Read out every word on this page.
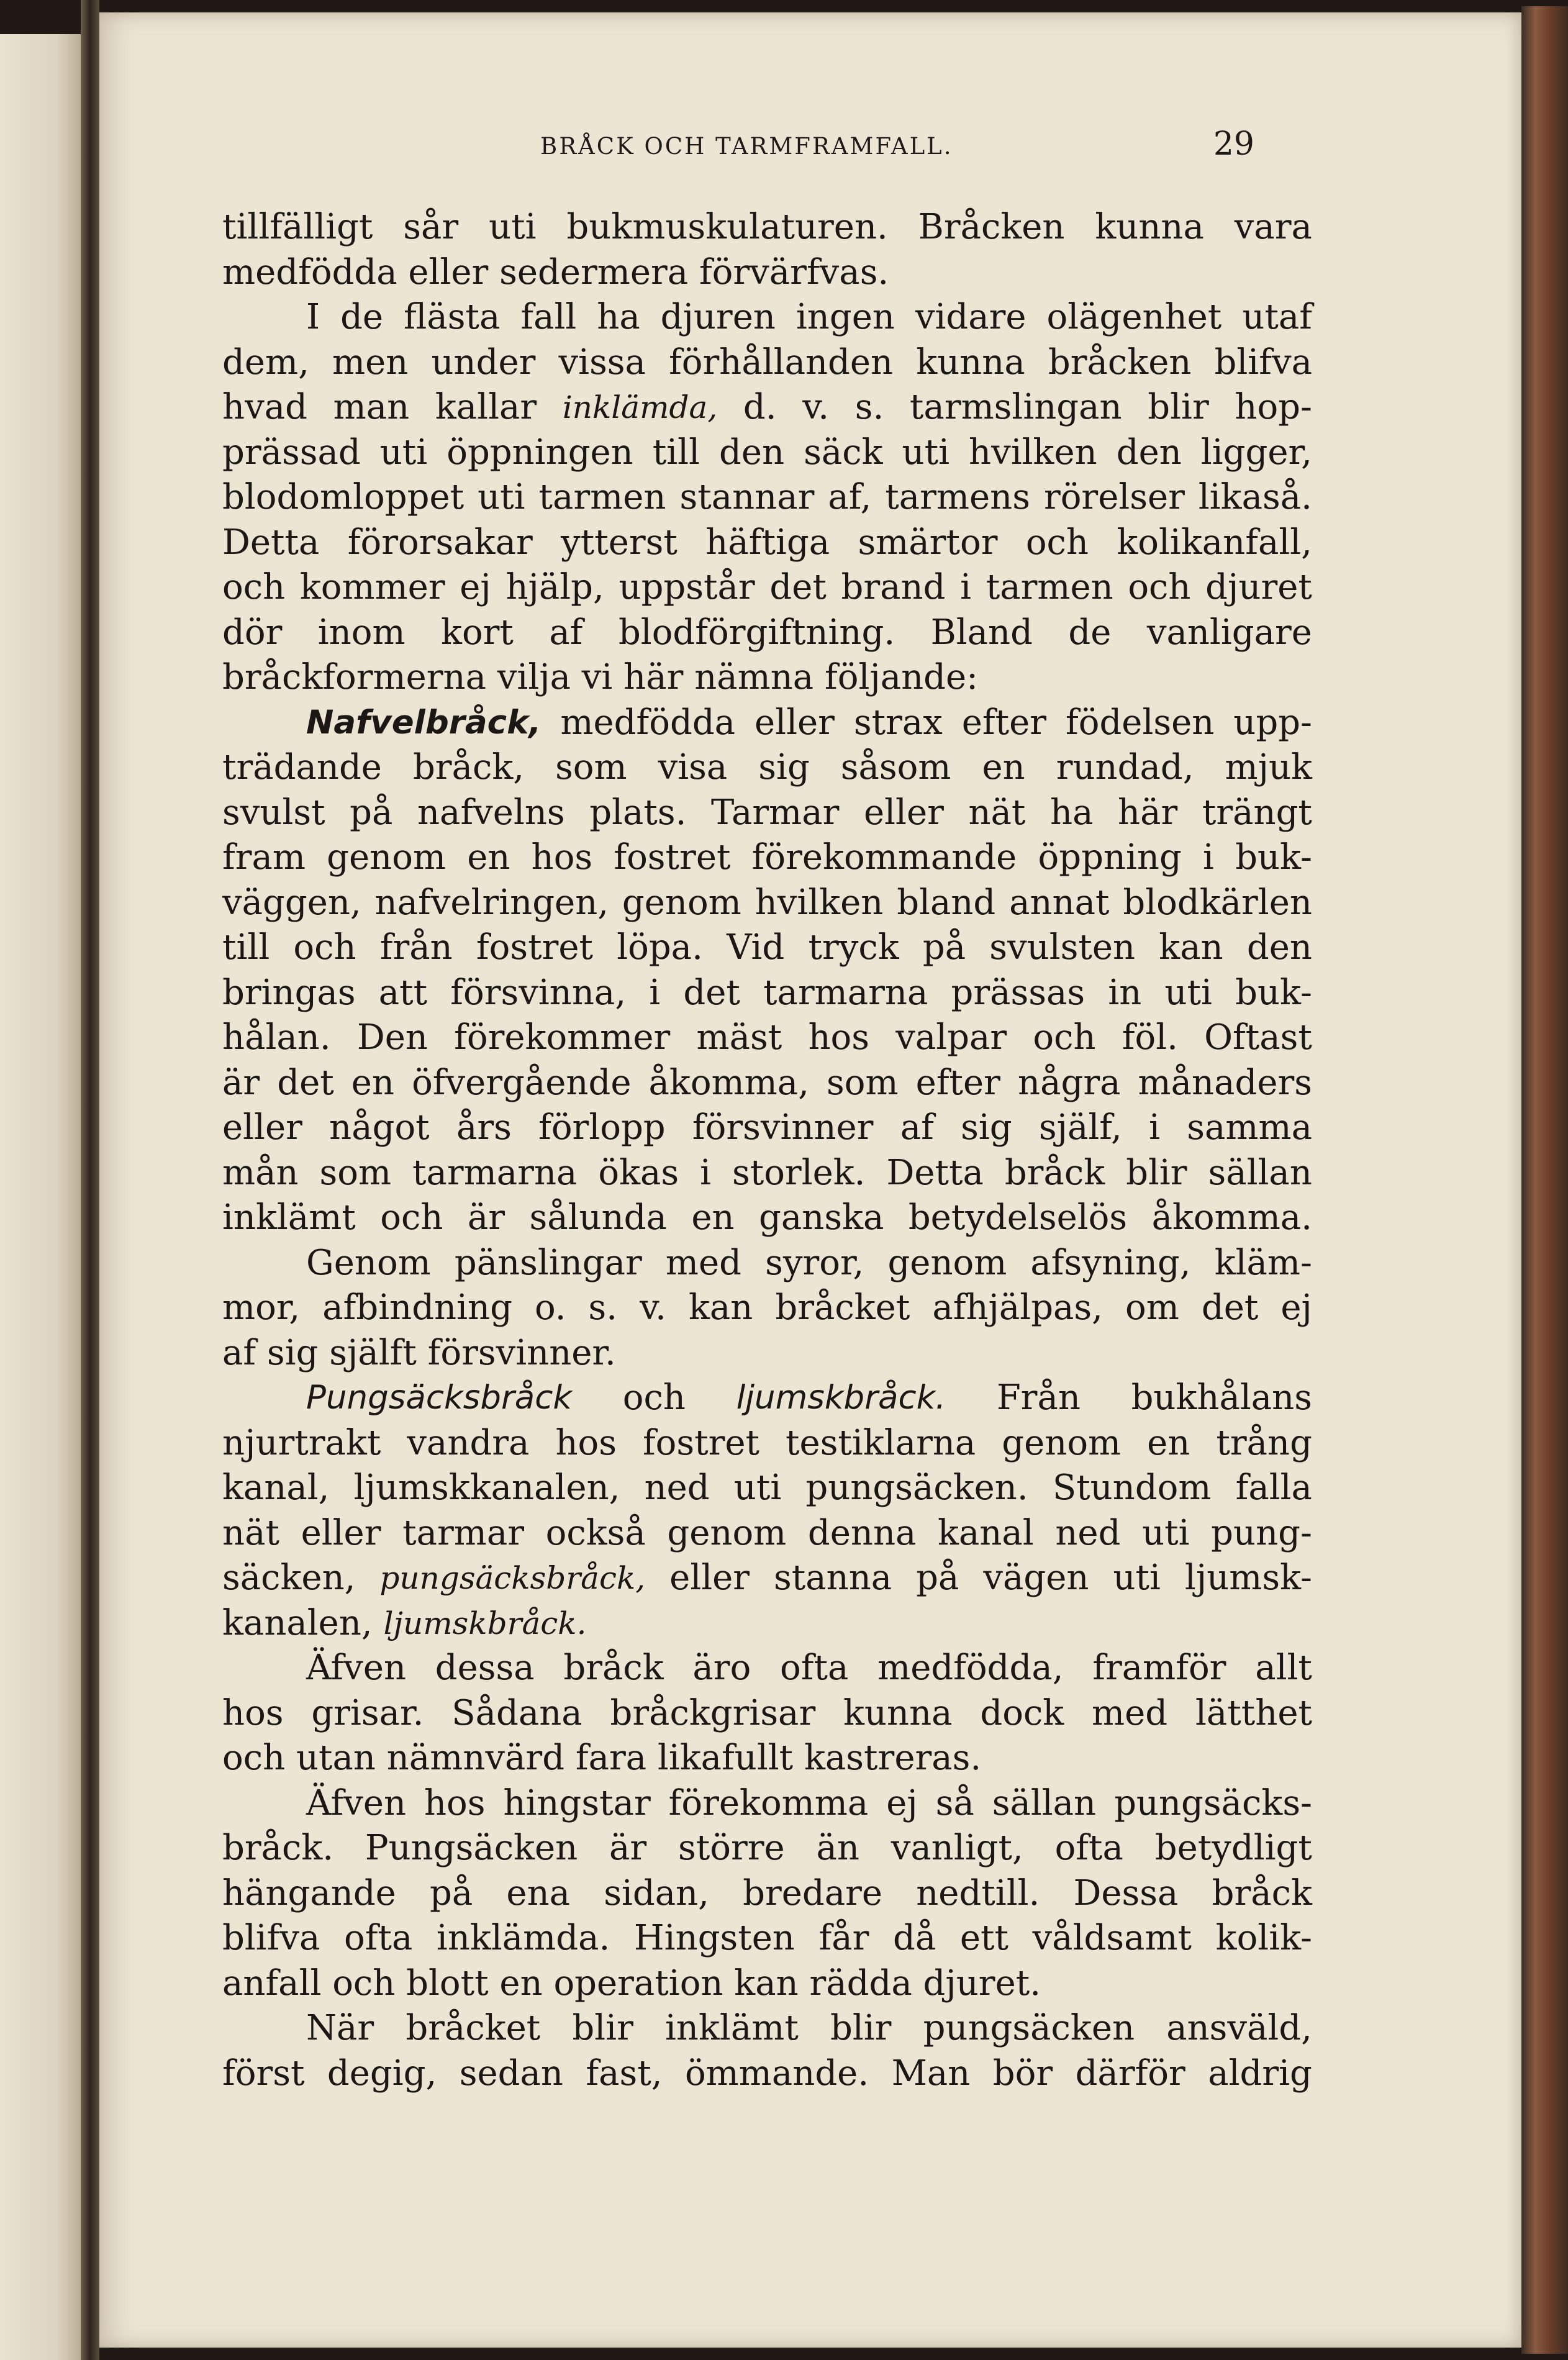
BRÅCK OCH TARMFRAMFALL.	29
tillfälligt sår uti bukmuskulaturen. Bråcken kunna vara
medfödda eller sedermera förvärfvas.
I de flästa fall ha djuren ingen vidare olägenhet utaf
dem, men under vissa förhållanden kunna bråcken blifva
hvad man kallar inklämda, d. v. s. tarmslingan blir hop-
prässad uti öppningen till den säck uti hvilken den ligger,
blodomloppet uti tarmen stannar af, tarmens rörelser likaså.
Detta förorsakar ytterst häftiga smärtor och kolikanfall,
och kommer ej hjälp, uppstår det brand i tarmen och djuret
dör inom kort af blodförgiftning. Bland de vanligare
bråckformerna vilja vi här nämna följande:
Nafvelbråck, medfödda eller strax efter födelsen upp-
trädande bråck, som visa sig såsom en rundad, mjuk
svulst på nafvelns plats. Tarmar eller nät ha här trängt
fram genom en hos fostret förekommande öppning i buk-
väggen, nafvelringen, genom hvilken bland annat blodkärlen
till och från fostret löpa. Vid tryck på svulsten kan den
bringas att försvinna, i det tarmarna prässas in uti buk-
hålan. Den förekommer mäst hos valpar och föl. Oftast
är det en öfvergående åkomma, som efter några månaders
eller något års förlopp försvinner af sig själf, i samma
mån som tarmarna ökas i storlek. Detta bråck blir sällan
inklämt och är sålunda en ganska betydelselös åkomma.
Genom pänslingar med syror, genom afsyning, kläm-
mor, afbindning o. s. v. kan bråcket afhjälpas, om det ej
af sig själft försvinner.
Pungsäcksbråck och ljumskbråck. Från bukhålans
njurtrakt vandra hos fostret testiklarna genom en trång
kanal, ljumskkanalen, ned uti pungsäcken. Stundom falla
nät eller tarmar också genom denna kanal ned uti pung-
säcken, pungsäcksbråck, eller stanna på vägen uti ljumsk-
kanalen, ljumskbråck.
Äfven dessa bråck äro ofta medfödda, framför allt
hos grisar. Sådana bråckgrisar kunna dock med lätthet
och utan nämnvärd fara likafullt kastreras.
Äfven hos hingstar förekomma ej så sällan pungsäcks-
bråck. Pungsäcken är större än vanligt, ofta betydligt
hängande på ena sidan, bredare nedtill. Dessa bråck
blifva ofta inklämda. Hingsten får då ett våldsamt kolik-
anfall och blott en operation kan rädda djuret.
När bråcket blir inklämt blir pungsäcken ansväld,
först degig, sedan fast, ömmande. Man bör därför aldrig
